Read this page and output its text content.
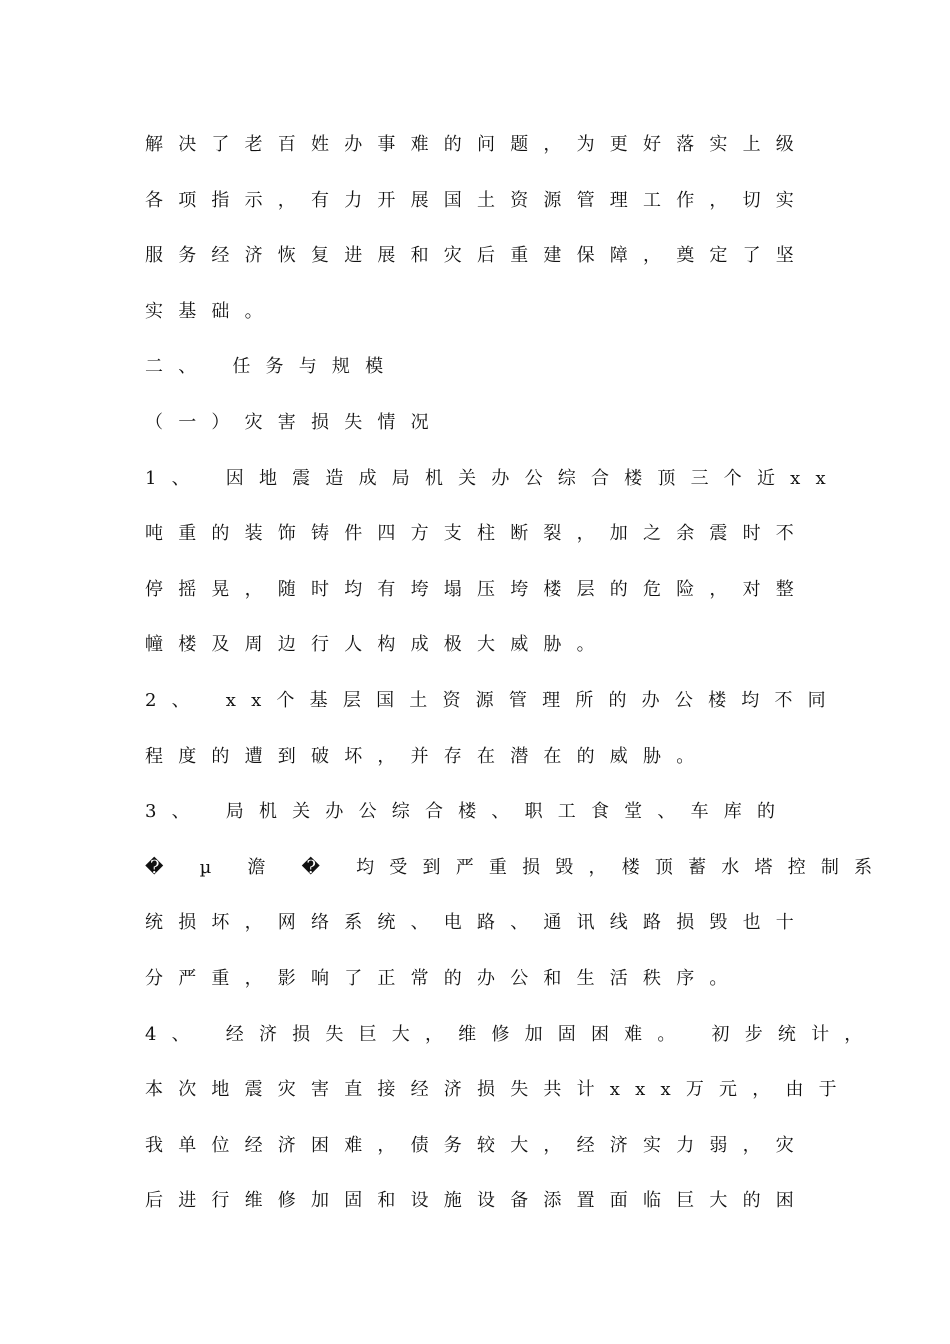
解决了老百姓办事难的问题，为更好落实上级
各项指示，有力开展国土资源管理工作，切实
服务经济恢复进展和灾后重建保障，奠定了坚
实基础。
二、 任务与规模
（一）灾害损失情况
1、 因地震造成局机关办公综合楼顶三个近xx
吨重的装饰铸件四方支柱断裂，加之余震时不
停摇晃，随时均有垮塌压垮楼层的危险，对整
幢楼及周边行人构成极大威胁。
2、 xx个基层国土资源管理所的办公楼均不同
程度的遭到破坏，并存在潜在的威胁。
3、 局机关办公综合楼、职工食堂、车库的
� µ 澹 � 均受到严重损毁，楼顶蓄水塔控制系
统损坏，网络系统、电路、通讯线路损毁也十
分严重，影响了正常的办公和生活秩序。
4、 经济损失巨大，维修加固困难。 初步统计，
本次地震灾害直接经济损失共计xxx万元，由于
我单位经济困难，债务较大，经济实力弱，灾
后进行维修加固和设施设备添置面临巨大的困
